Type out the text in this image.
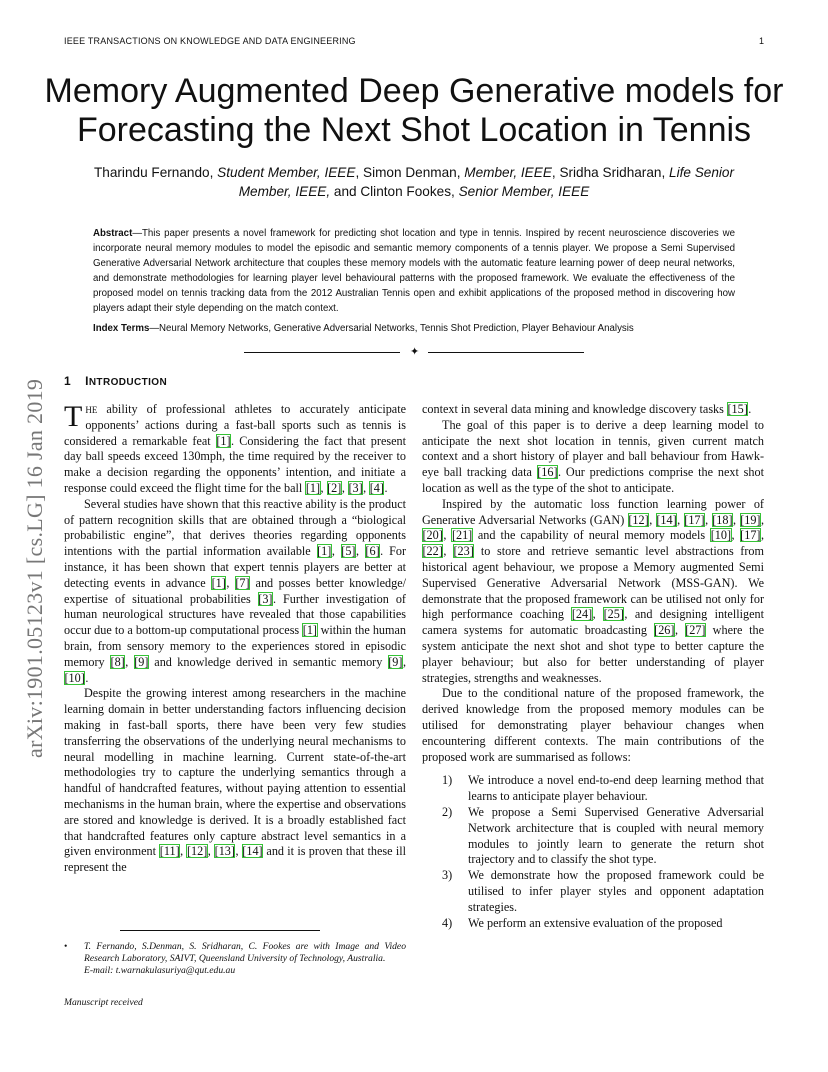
IEEE TRANSACTIONS ON KNOWLEDGE AND DATA ENGINEERING	1
arXiv:1901.05123v1 [cs.LG] 16 Jan 2019
Memory Augmented Deep Generative models for Forecasting the Next Shot Location in Tennis
Tharindu Fernando, Student Member, IEEE, Simon Denman, Member, IEEE, Sridha Sridharan, Life Senior Member, IEEE, and Clinton Fookes, Senior Member, IEEE
Abstract—This paper presents a novel framework for predicting shot location and type in tennis. Inspired by recent neuroscience discoveries we incorporate neural memory modules to model the episodic and semantic memory components of a tennis player. We propose a Semi Supervised Generative Adversarial Network architecture that couples these memory models with the automatic feature learning power of deep neural networks, and demonstrate methodologies for learning player level behavioural patterns with the proposed framework. We evaluate the effectiveness of the proposed model on tennis tracking data from the 2012 Australian Tennis open and exhibit applications of the proposed method in discovering how players adapt their style depending on the match context.
Index Terms—Neural Memory Networks, Generative Adversarial Networks, Tennis Shot Prediction, Player Behaviour Analysis
✦
1 INTRODUCTION

The ability of professional athletes to accurately anticipate opponents’ actions during a fast-ball sports such as tennis is considered a remarkable feat [1]. Considering the fact that present day ball speeds exceed 130mph, the time required by the receiver to make a decision regarding the opponents’ intention, and initiate a response could exceed the flight time for the ball [1], [2], [3], [4].

Several studies have shown that this reactive ability is the product of pattern recognition skills that are obtained through a “biological probabilistic engine”, that derives theories regarding opponents intentions with the partial information available [1], [5], [6]. For instance, it has been shown that expert tennis players are better at detecting events in advance [1], [7] and posses better knowledge/ expertise of situational probabilities [3]. Further investigation of human neurological structures have revealed that those capabilities occur due to a bottom-up computational process [1] within the human brain, from sensory memory to the experiences stored in episodic memory [8], [9] and knowledge derived in semantic memory [9], [10].

Despite the growing interest among researchers in the machine learning domain in better understanding factors influencing decision making in fast-ball sports, there have been very few studies transferring the observations of the underlying neural mechanisms to neural modelling in machine learning. Current state-of-the-art methodologies try to capture the underlying semantics through a handful of handcrafted features, without paying attention to essential mechanisms in the human brain, where the expertise and observations are stored and knowledge is derived. It is a broadly established fact that handcrafted features only capture abstract level semantics in a given environment [11], [12], [13], [14] and it is proven that these ill represent the

context in several data mining and knowledge discovery tasks [15].

The goal of this paper is to derive a deep learning model to anticipate the next shot location in tennis, given current match context and a short history of player and ball behaviour from Hawk-eye ball tracking data [16]. Our predictions comprise the next shot location as well as the type of the shot to anticipate.

Inspired by the automatic loss function learning power of Generative Adversarial Networks (GAN) [12], [14], [17], [18], [19], [20], [21] and the capability of neural memory models [10], [17], [22], [23] to store and retrieve semantic level abstractions from historical agent behaviour, we propose a Memory augmented Semi Supervised Generative Adversarial Network (MSS-GAN). We demonstrate that the proposed framework can be utilised not only for high performance coaching [24], [25], and designing intelligent camera systems for automatic broadcasting [26], [27] where the system anticipate the next shot and shot type to better capture the player behaviour; but also for better understanding of player strategies, strengths and weaknesses.

Due to the conditional nature of the proposed framework, the derived knowledge from the proposed memory modules can be utilised for demonstrating player behaviour changes when encountering different contexts. The main contributions of the proposed work are summarised as follows:

1) We introduce a novel end-to-end deep learning method that learns to anticipate player behaviour.
2) We propose a Semi Supervised Generative Adversarial Network architecture that is coupled with neural memory modules to jointly learn to generate the return shot trajectory and to classify the shot type.
3) We demonstrate how the proposed framework could be utilised to infer player styles and opponent adaptation strategies.
4) We perform an extensive evaluation of the proposed
• T. Fernando, S.Denman, S. Sridharan, C. Fookes are with Image and Video Research Laboratory, SAIVT, Queensland University of Technology, Australia.
E-mail: t.warnakulasuriya@qut.edu.au
Manuscript received
